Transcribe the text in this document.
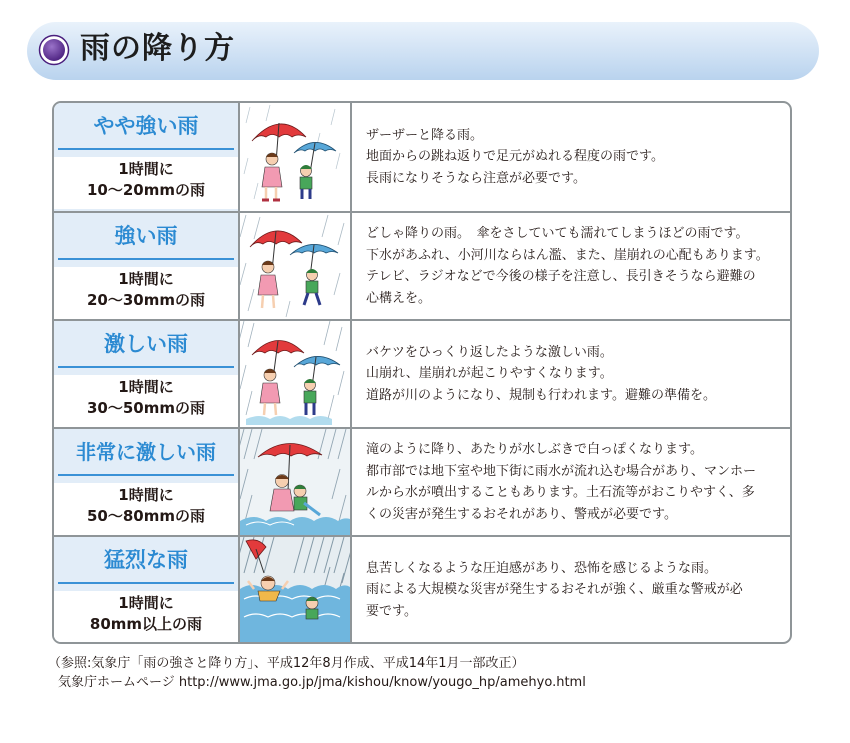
雨の降り方
やや強い雨
1時間に
10〜20mmの雨

ザーザーと降る雨。

地面からの跳ね返りで足元がぬれる程度の雨です。

長雨になりそうなら注意が必要です。

強い雨
1時間に
20〜30mmの雨

どしゃ降りの雨。　傘をさしていても濡れてしまうほどの雨です。

下水があふれ、小河川ならはん濫、また、崖崩れの心配もあります。

テレビ、ラジオなどで今後の様子を注意し、長引きそうなら避難の

心構えを。

激しい雨
1時間に
30〜50mmの雨

バケツをひっくり返したような激しい雨。

山崩れ、崖崩れが起こりやすくなります。

道路が川のようになり、規制も行われます。避難の準備を。

非常に激しい雨
1時間に
50〜80mmの雨

滝のように降り、あたりが水しぶきで白っぽくなります。

都市部では地下室や地下街に雨水が流れ込む場合があり、マンホー

ルから水が噴出することもあります。土石流等がおこりやすく、多

くの災害が発生するおそれがあり、警戒が必要です。

猛烈な雨
1時間に
80mm以上の雨

息苦しくなるような圧迫感があり、恐怖を感じるような雨。

雨による大規模な災害が発生するおそれが強く、厳重な警戒が必

要です。

（参照:気象庁「雨の強さと降り方」、平成12年8月作成、平成14年1月一部改正）
気象庁ホームページ http://www.jma.go.jp/jma/kishou/know/yougo_hp/amehyo.html
